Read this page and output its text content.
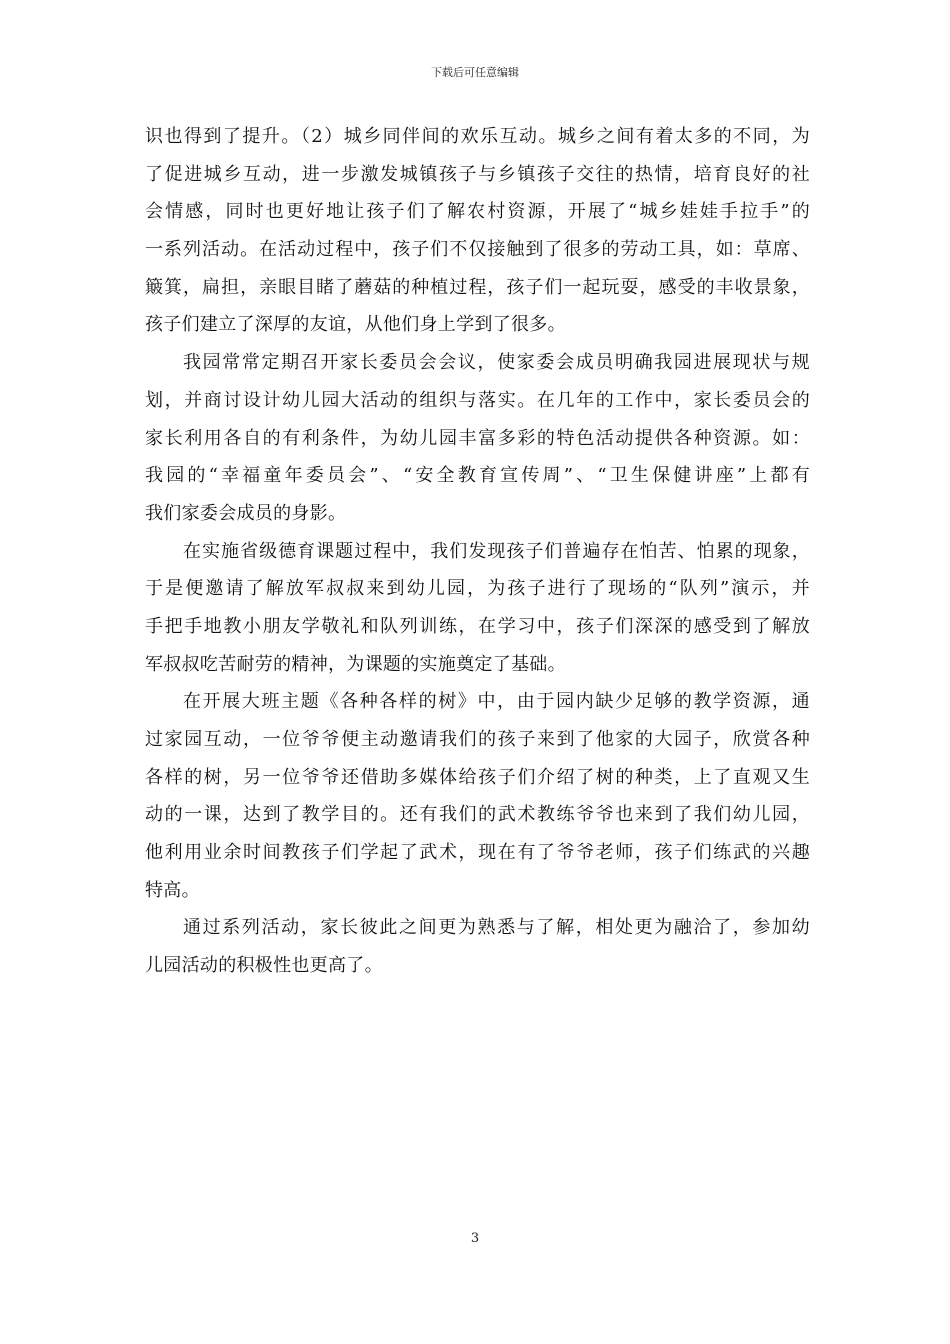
下载后可任意编辑
识也得到了提升。（2）城乡同伴间的欢乐互动。城乡之间有着太多的不同，为
了促进城乡互动，进一步激发城镇孩子与乡镇孩子交往的热情，培育良好的社
会情感，同时也更好地让孩子们了解农村资源，开展了“城乡娃娃手拉手”的
一系列活动。在活动过程中，孩子们不仅接触到了很多的劳动工具，如：草席、
簸箕，扁担，亲眼目睹了蘑菇的种植过程，孩子们一起玩耍，感受的丰收景象，
孩子们建立了深厚的友谊，从他们身上学到了很多。
我园常常定期召开家长委员会会议，使家委会成员明确我园进展现状与规
划，并商讨设计幼儿园大活动的组织与落实。在几年的工作中，家长委员会的
家长利用各自的有利条件，为幼儿园丰富多彩的特色活动提供各种资源。如：
我园的“幸福童年委员会”、“安全教育宣传周”、“卫生保健讲座”上都有
我们家委会成员的身影。
在实施省级德育课题过程中，我们发现孩子们普遍存在怕苦、怕累的现象，
于是便邀请了解放军叔叔来到幼儿园，为孩子进行了现场的“队列”演示，并
手把手地教小朋友学敬礼和队列训练，在学习中，孩子们深深的感受到了解放
军叔叔吃苦耐劳的精神，为课题的实施奠定了基础。
在开展大班主题《各种各样的树》中，由于园内缺少足够的教学资源，通
过家园互动，一位爷爷便主动邀请我们的孩子来到了他家的大园子，欣赏各种
各样的树，另一位爷爷还借助多媒体给孩子们介绍了树的种类，上了直观又生
动的一课，达到了教学目的。还有我们的武术教练爷爷也来到了我们幼儿园，
他利用业余时间教孩子们学起了武术，现在有了爷爷老师，孩子们练武的兴趣
特高。
通过系列活动，家长彼此之间更为熟悉与了解，相处更为融洽了，参加幼
儿园活动的积极性也更高了。
3
